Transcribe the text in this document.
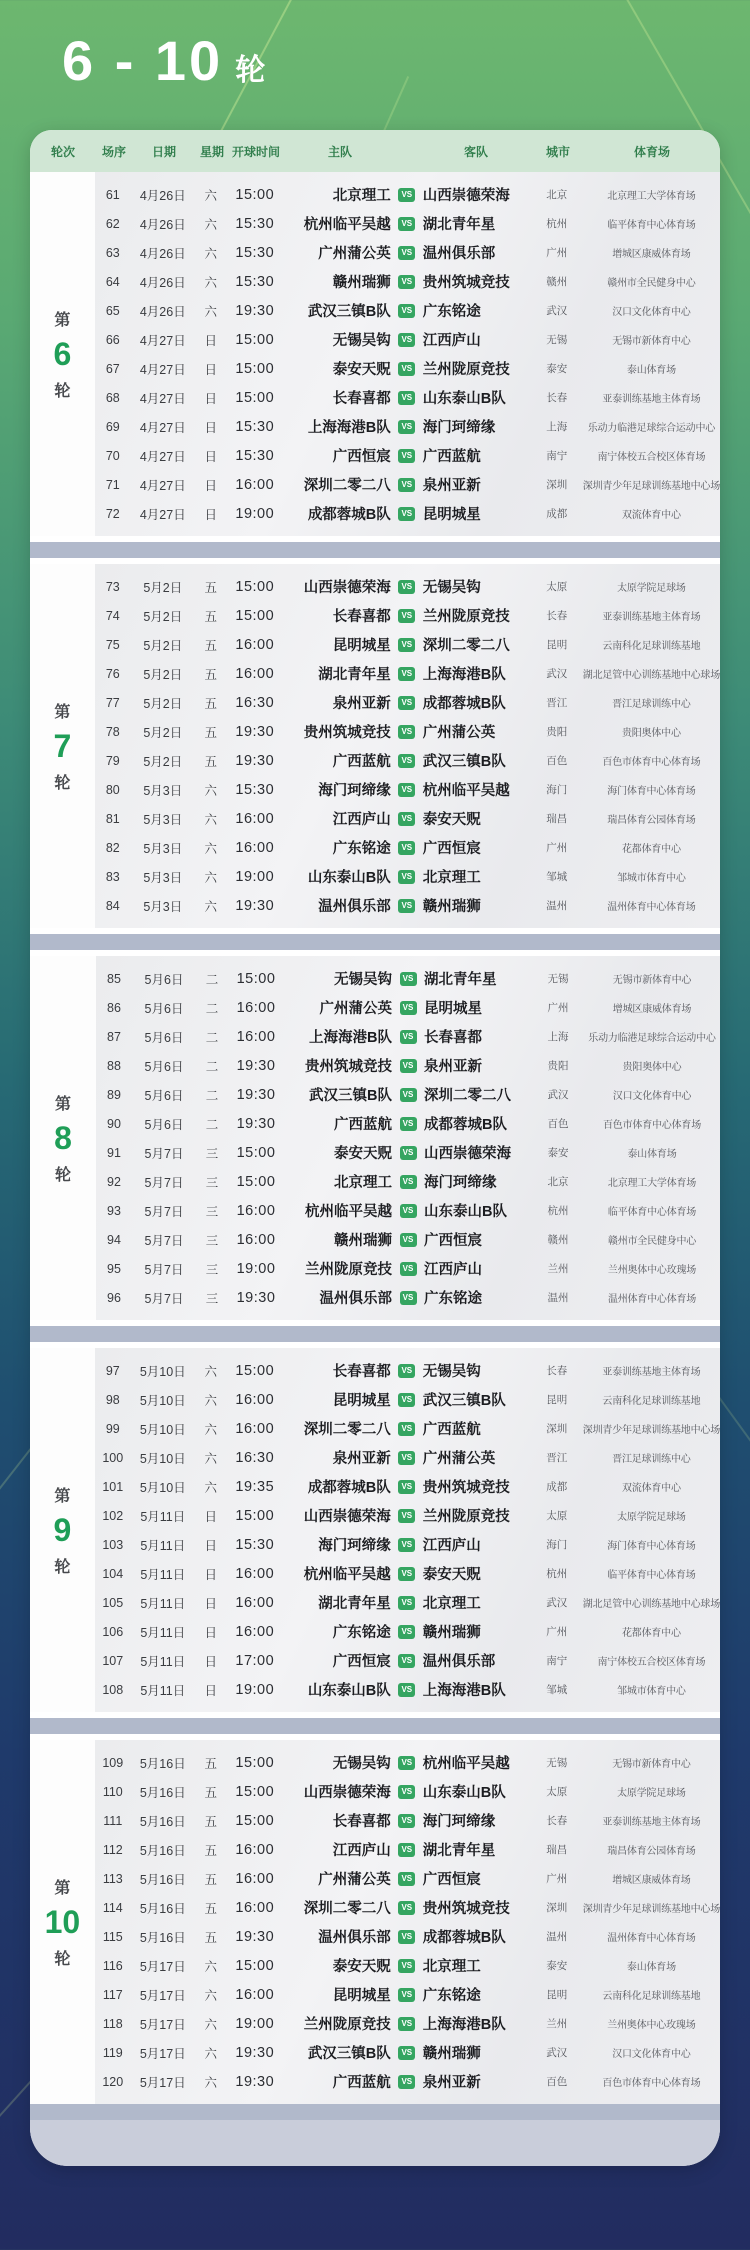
6 - 10 轮
轮次	场序	日期	星期 开球时间	主队	客队	城市	体育场
第
6
轮
61	4月26日	六	15:00	北京理工	VS 山西崇德荣海	北京	北京理工大学体育场
62	4月26日	六	15:30	杭州临平吴越	VS 湖北青年星	杭州	临平体育中心体育场
63	4月26日	六	15:30	广州蒲公英	VS 温州俱乐部	广州	增城区康威体育场
64	4月26日	六	15:30	赣州瑞狮	VS 贵州筑城竞技	赣州	赣州市全民健身中心
65	4月26日	六	19:30	武汉三镇B队	VS 广东铭途	武汉	汉口文化体育中心
66	4月27日	日	15:00	无锡吴钩	VS 江西庐山	无锡	无锡市新体育中心
67	4月27日	日	15:00	泰安天贶	VS 兰州陇原竞技	泰安	泰山体育场
68	4月27日	日	15:00	长春喜都	VS 山东泰山B队	长春	亚泰训练基地主体育场
69	4月27日	日	15:30	上海海港B队	VS 海门珂缔缘	上海	乐动力临港足球综合运动中心
70	4月27日	日	15:30	广西恒宸	VS 广西蓝航	南宁	南宁体校五合校区体育场
71	4月27日	日	16:00	深圳二零二八	VS 泉州亚新	深圳	深圳青少年足球训练基地中心场
72	4月27日	日	19:00	成都蓉城B队	VS 昆明城星	成都	双流体育中心
第
7
轮
73	5月2日	五	15:00	山西崇德荣海	VS 无锡吴钩	太原	太原学院足球场
74	5月2日	五	15:00	长春喜都	VS 兰州陇原竞技	长春	亚泰训练基地主体育场
75	5月2日	五	16:00	昆明城星	VS 深圳二零二八	昆明	云南科化足球训练基地
76	5月2日	五	16:00	湖北青年星	VS 上海海港B队	武汉	湖北足管中心训练基地中心球场
77	5月2日	五	16:30	泉州亚新	VS 成都蓉城B队	晋江	晋江足球训练中心
78	5月2日	五	19:30	贵州筑城竞技	VS 广州蒲公英	贵阳	贵阳奥体中心
79	5月2日	五	19:30	广西蓝航	VS 武汉三镇B队	百色	百色市体育中心体育场
80	5月3日	六	15:30	海门珂缔缘	VS 杭州临平吴越	海门	海门体育中心体育场
81	5月3日	六	16:00	江西庐山	VS 泰安天贶	瑞昌	瑞昌体育公园体育场
82	5月3日	六	16:00	广东铭途	VS 广西恒宸	广州	花都体育中心
83	5月3日	六	19:00	山东泰山B队	VS 北京理工	邹城	邹城市体育中心
84	5月3日	六	19:30	温州俱乐部	VS 赣州瑞狮	温州	温州体育中心体育场
第
8
轮
85	5月6日	二	15:00	无锡吴钩	VS 湖北青年星	无锡	无锡市新体育中心
86	5月6日	二	16:00	广州蒲公英	VS 昆明城星	广州	增城区康威体育场
87	5月6日	二	16:00	上海海港B队	VS 长春喜都	上海	乐动力临港足球综合运动中心
88	5月6日	二	19:30	贵州筑城竞技	VS 泉州亚新	贵阳	贵阳奥体中心
89	5月6日	二	19:30	武汉三镇B队	VS 深圳二零二八	武汉	汉口文化体育中心
90	5月6日	二	19:30	广西蓝航	VS 成都蓉城B队	百色	百色市体育中心体育场
91	5月7日	三	15:00	泰安天贶	VS 山西崇德荣海	泰安	泰山体育场
92	5月7日	三	15:00	北京理工	VS 海门珂缔缘	北京	北京理工大学体育场
93	5月7日	三	16:00	杭州临平吴越	VS 山东泰山B队	杭州	临平体育中心体育场
94	5月7日	三	16:00	赣州瑞狮	VS 广西恒宸	赣州	赣州市全民健身中心
95	5月7日	三	19:00	兰州陇原竞技	VS 江西庐山	兰州	兰州奥体中心玫瑰场
96	5月7日	三	19:30	温州俱乐部	VS 广东铭途	温州	温州体育中心体育场
第
9
轮
97	5月10日	六	15:00	长春喜都	VS 无锡吴钩	长春	亚泰训练基地主体育场
98	5月10日	六	16:00	昆明城星	VS 武汉三镇B队	昆明	云南科化足球训练基地
99	5月10日	六	16:00	深圳二零二八	VS 广西蓝航	深圳	深圳青少年足球训练基地中心场
100	5月10日	六	16:30	泉州亚新	VS 广州蒲公英	晋江	晋江足球训练中心
101	5月10日	六	19:35	成都蓉城B队	VS 贵州筑城竞技	成都	双流体育中心
102	5月11日	日	15:00	山西崇德荣海	VS 兰州陇原竞技	太原	太原学院足球场
103	5月11日	日	15:30	海门珂缔缘	VS 江西庐山	海门	海门体育中心体育场
104	5月11日	日	16:00	杭州临平吴越	VS 泰安天贶	杭州	临平体育中心体育场
105	5月11日	日	16:00	湖北青年星	VS 北京理工	武汉	湖北足管中心训练基地中心球场
106	5月11日	日	16:00	广东铭途	VS 赣州瑞狮	广州	花都体育中心
107	5月11日	日	17:00	广西恒宸	VS 温州俱乐部	南宁	南宁体校五合校区体育场
108	5月11日	日	19:00	山东泰山B队	VS 上海海港B队	邹城	邹城市体育中心
第
10
轮
109	5月16日	五	15:00	无锡吴钩	VS 杭州临平吴越	无锡	无锡市新体育中心
110	5月16日	五	15:00	山西崇德荣海	VS 山东泰山B队	太原	太原学院足球场
111	5月16日	五	15:00	长春喜都	VS 海门珂缔缘	长春	亚泰训练基地主体育场
112	5月16日	五	16:00	江西庐山	VS 湖北青年星	瑞昌	瑞昌体育公园体育场
113	5月16日	五	16:00	广州蒲公英	VS 广西恒宸	广州	增城区康威体育场
114	5月16日	五	16:00	深圳二零二八	VS 贵州筑城竞技	深圳	深圳青少年足球训练基地中心场
115	5月16日	五	19:30	温州俱乐部	VS 成都蓉城B队	温州	温州体育中心体育场
116	5月17日	六	15:00	泰安天贶	VS 北京理工	泰安	泰山体育场
117	5月17日	六	16:00	昆明城星	VS 广东铭途	昆明	云南科化足球训练基地
118	5月17日	六	19:00	兰州陇原竞技	VS 上海海港B队	兰州	兰州奥体中心玫瑰场
119	5月17日	六	19:30	武汉三镇B队	VS 赣州瑞狮	武汉	汉口文化体育中心
120	5月17日	六	19:30	广西蓝航	VS 泉州亚新	百色	百色市体育中心体育场
